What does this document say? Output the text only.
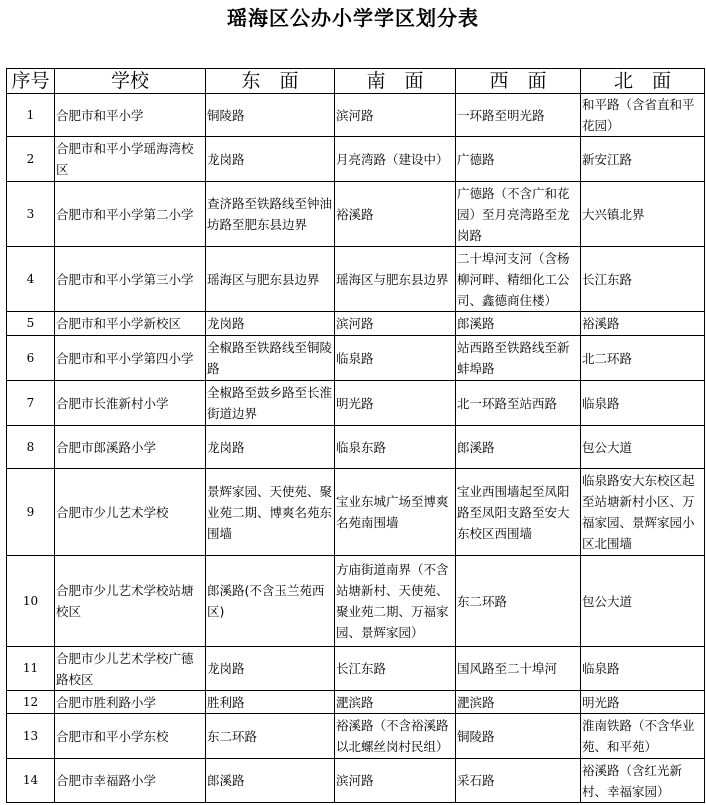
瑶海区公办小学学区划分表
序号	学校	东　面	南　面	西　面	北　面
1	合肥市和平小学	铜陵路	滨河路	一环路至明光路	和平路（含省直和平花园）
2	合肥市和平小学瑶海湾校区	龙岗路	月亮湾路（建设中）	广德路	新安江路
3	合肥市和平小学第二小学	查济路至铁路线至钟油坊路至肥东县边界	裕溪路	广德路（不含广和花园）至月亮湾路至龙岗路	大兴镇北界
4	合肥市和平小学第三小学	瑶海区与肥东县边界	瑶海区与肥东县边界	二十埠河支河（含杨柳河畔、精细化工公司、鑫德商住楼）	长江东路
5	合肥市和平小学新校区	龙岗路	滨河路	郎溪路	裕溪路
6	合肥市和平小学第四小学	全椒路至铁路线至铜陵路	临泉路	站西路至铁路线至新蚌埠路	北二环路
7	合肥市长淮新村小学	全椒路至鼓乡路至长淮街道边界	明光路	北一环路至站西路	临泉路
8	合肥市郎溪路小学	龙岗路	临泉东路	郎溪路	包公大道
9	合肥市少儿艺术学校	景辉家园、天使苑、聚业苑二期、博爽名苑东围墙	宝业东城广场至博爽名苑南围墙	宝业西围墙起至凤阳路至凤阳支路至安大东校区西围墙	临泉路安大东校区起至站塘新村小区、万福家园、景辉家园小区北围墙
10	合肥市少儿艺术学校站塘校区	郎溪路(不含玉兰苑西区)	方庙街道南界（不含站塘新村、天使苑、聚业苑二期、万福家园、景辉家园）	东二环路	包公大道
11	合肥市少儿艺术学校广德路校区	龙岗路	长江东路	国风路至二十埠河	临泉路
12	合肥市胜利路小学	胜利路	淝滨路	淝滨路	明光路
13	合肥市和平小学东校	东二环路	裕溪路（不含裕溪路以北螺丝岗村民组）	铜陵路	淮南铁路（不含华业苑、和平苑）
14	合肥市幸福路小学	郎溪路	滨河路	采石路	裕溪路（含红光新村、幸福家园）
